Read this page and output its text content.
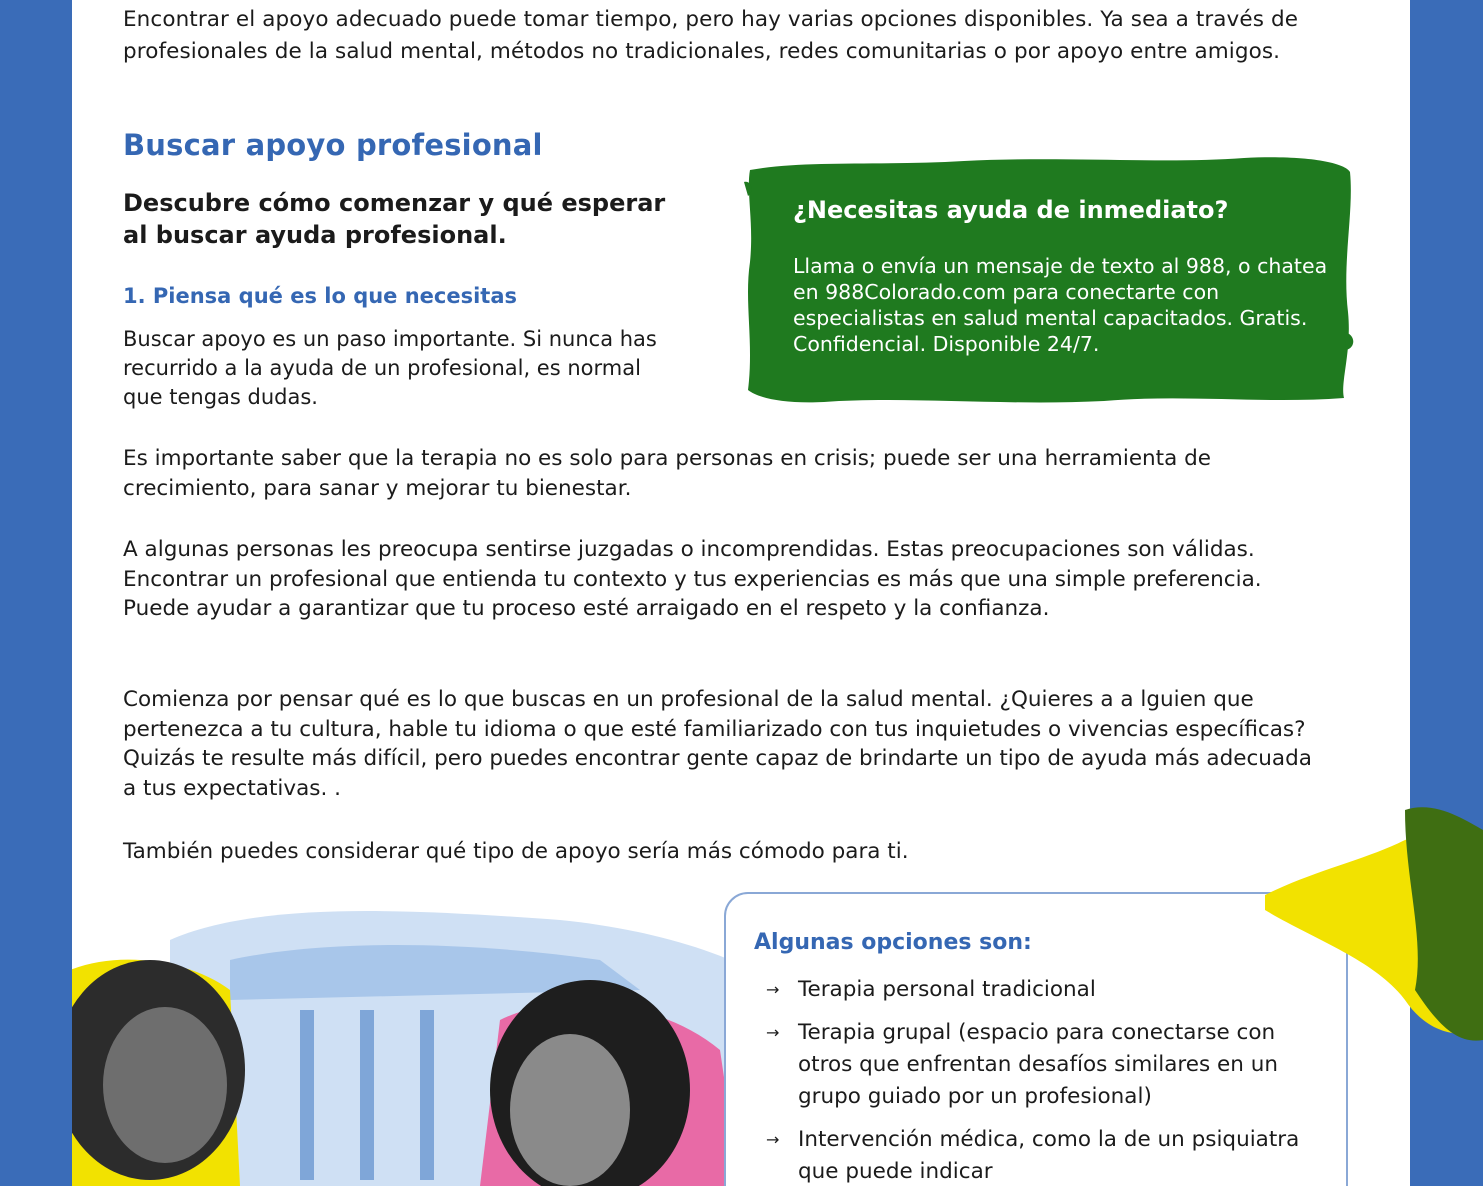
Encontrar el apoyo adecuado puede tomar tiempo, pero hay varias opciones disponibles. Ya sea a través de profesionales de la salud mental, métodos no tradicionales, redes comunitarias o por apoyo entre amigos.

Buscar apoyo profesional

Descubre cómo comenzar y qué esperar al buscar ayuda profesional.

1. Piensa qué es lo que necesitas

Buscar apoyo es un paso importante. Si nunca has recurrido a la ayuda de un profesional, es normal que tengas dudas.

¿Necesitas ayuda de inmediato?

Llama o envía un mensaje de texto al 988, o chatea en 988Colorado.com para conectarte con especialistas en salud mental capacitados. Gratis. Confidencial. Disponible 24/7.

Es importante saber que la terapia no es solo para personas en crisis; puede ser una herramienta de crecimiento, para sanar y mejorar tu bienestar.

A algunas personas les preocupa sentirse juzgadas o incomprendidas. Estas preocupaciones son válidas. Encontrar un profesional que entienda tu contexto y tus experiencias es más que una simple preferencia. Puede ayudar a garantizar que tu proceso esté arraigado en el respeto y la confianza.

Comienza por pensar qué es lo que buscas en un profesional de la salud mental. ¿Quieres a a lguien que pertenezca a tu cultura, hable tu idioma o que esté familiarizado con tus inquietudes o vivencias específicas? Quizás te resulte más difícil, pero puedes encontrar gente capaz de brindarte un tipo de ayuda más adecuada a tus expectativas. .

También puedes considerar qué tipo de apoyo sería más cómodo para ti.

Algunas opciones son:
→ Terapia personal tradicional
→ Terapia grupal (espacio para conectarse con otros que enfrentan desafíos similares en un grupo guiado por un profesional)
→ Intervención médica, como la de un psiquiatra que puede indicar
